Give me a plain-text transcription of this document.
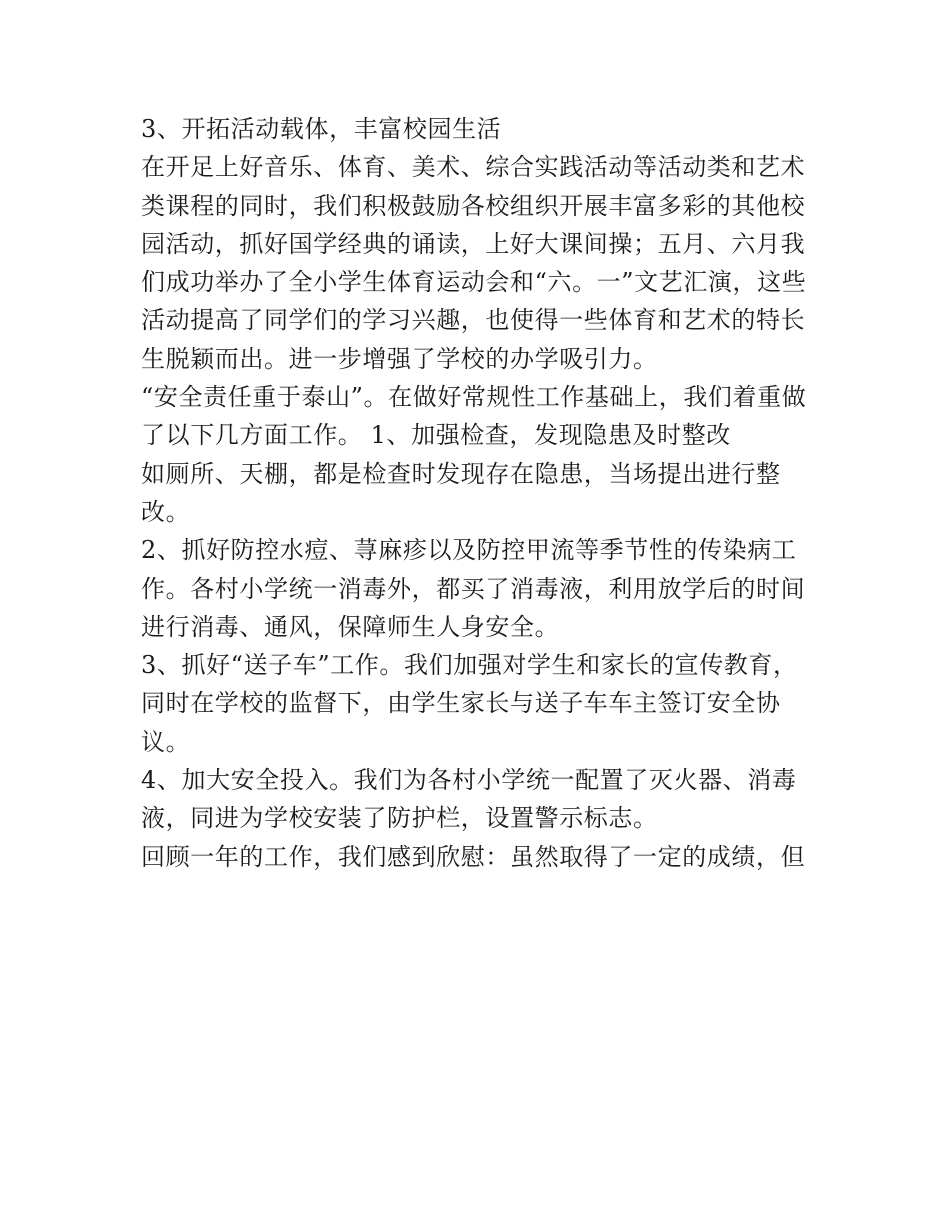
3、开拓活动载体，丰富校园生活
在开足上好音乐、体育、美术、综合实践活动等活动类和艺术
类课程的同时，我们积极鼓励各校组织开展丰富多彩的其他校
园活动，抓好国学经典的诵读，上好大课间操；五月、六月我
们成功举办了全小学生体育运动会和“六。一”文艺汇演，这些
活动提高了同学们的学习兴趣，也使得一些体育和艺术的特长
生脱颖而出。进一步增强了学校的办学吸引力。
“安全责任重于泰山”。在做好常规性工作基础上，我们着重做
了以下几方面工作。 1、加强检查，发现隐患及时整改
如厕所、天棚，都是检查时发现存在隐患，当场提出进行整
改。
2、抓好防控水痘、荨麻疹以及防控甲流等季节性的传染病工
作。各村小学统一消毒外，都买了消毒液，利用放学后的时间
进行消毒、通风，保障师生人身安全。
3、抓好“送子车”工作。我们加强对学生和家长的宣传教育，
同时在学校的监督下，由学生家长与送子车车主签订安全协
议。
4、加大安全投入。我们为各村小学统一配置了灭火器、消毒
液，同进为学校安装了防护栏，设置警示标志。
回顾一年的工作，我们感到欣慰：虽然取得了一定的成绩，但
